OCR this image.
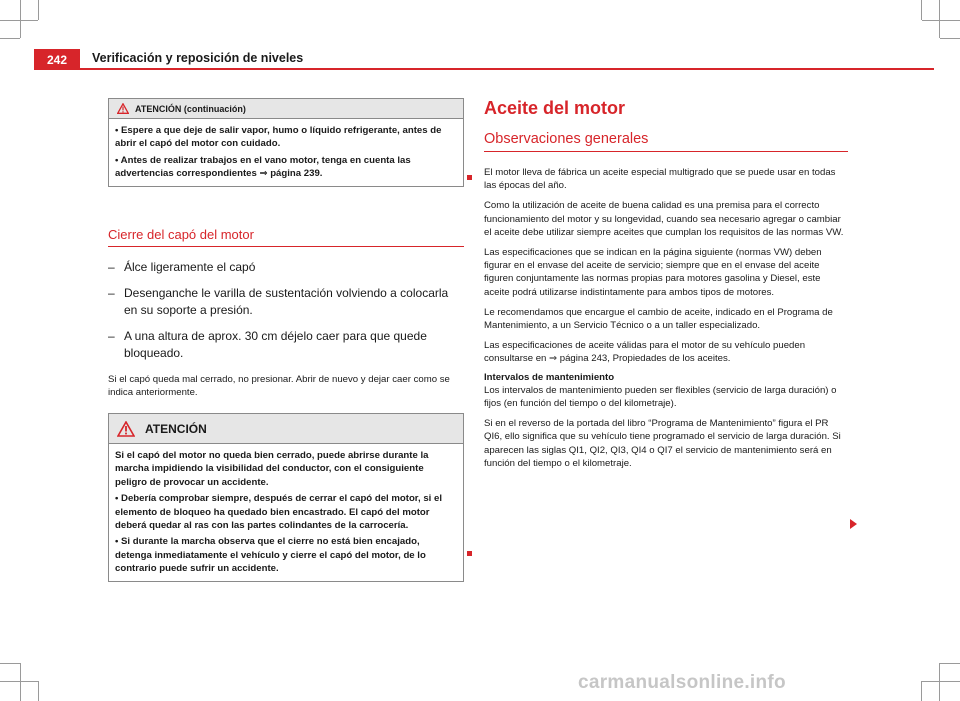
242	Verificación y reposición de niveles
ATENCIÓN (continuación)

• Espere a que deje de salir vapor, humo o líquido refrigerante, antes de abrir el capó del motor con cuidado.

• Antes de realizar trabajos en el vano motor, tenga en cuenta las advertencias correspondientes ⇒ página 239.

Cierre del capó del motor
– Álce ligeramente el capó
– Desenganche le varilla de sustentación volviendo a colocarla en su soporte a presión.
– A una altura de aprox. 30 cm déjelo caer para que quede bloqueado.

Si el capó queda mal cerrado, no presionar. Abrir de nuevo y dejar caer como se indica anteriormente.

ATENCIÓN

Si el capó del motor no queda bien cerrado, puede abrirse durante la marcha impidiendo la visibilidad del conductor, con el consiguiente peligro de provocar un accidente.

• Debería comprobar siempre, después de cerrar el capó del motor, si el elemento de bloqueo ha quedado bien encastrado. El capó del motor deberá quedar al ras con las partes colindantes de la carrocería.

• Si durante la marcha observa que el cierre no está bien encajado, detenga inmediatamente el vehículo y cierre el capó del motor, de lo contrario puede sufrir un accidente.

Aceite del motor
Observaciones generales

El motor lleva de fábrica un aceite especial multigrado que se puede usar en todas las épocas del año.

Como la utilización de aceite de buena calidad es una premisa para el correcto funcionamiento del motor y su longevidad, cuando sea necesario agregar o cambiar el aceite debe utilizar siempre aceites que cumplan los requisitos de las normas VW.

Las especificaciones que se indican en la página siguiente (normas VW) deben figurar en el envase del aceite de servicio; siempre que en el envase del aceite figuren conjuntamente las normas propias para motores gasolina y Diesel, este aceite podrá utilizarse indistintamente para ambos tipos de motores.

Le recomendamos que encargue el cambio de aceite, indicado en el Programa de Mantenimiento, a un Servicio Técnico o a un taller especializado.

Las especificaciones de aceite válidas para el motor de su vehículo pueden consultarse en ⇒ página 243, Propiedades de los aceites.

Intervalos de mantenimiento

Los intervalos de mantenimiento pueden ser flexibles (servicio de larga duración) o fijos (en función del tiempo o del kilometraje).

Si en el reverso de la portada del libro “Programa de Mantenimiento” figura el PR QI6, ello significa que su vehículo tiene programado el servicio de larga duración. Si aparecen las siglas QI1, QI2, QI3, QI4 o QI7 el servicio de mantenimiento será en función del tiempo o el kilometraje.

carmanualsonline.info
